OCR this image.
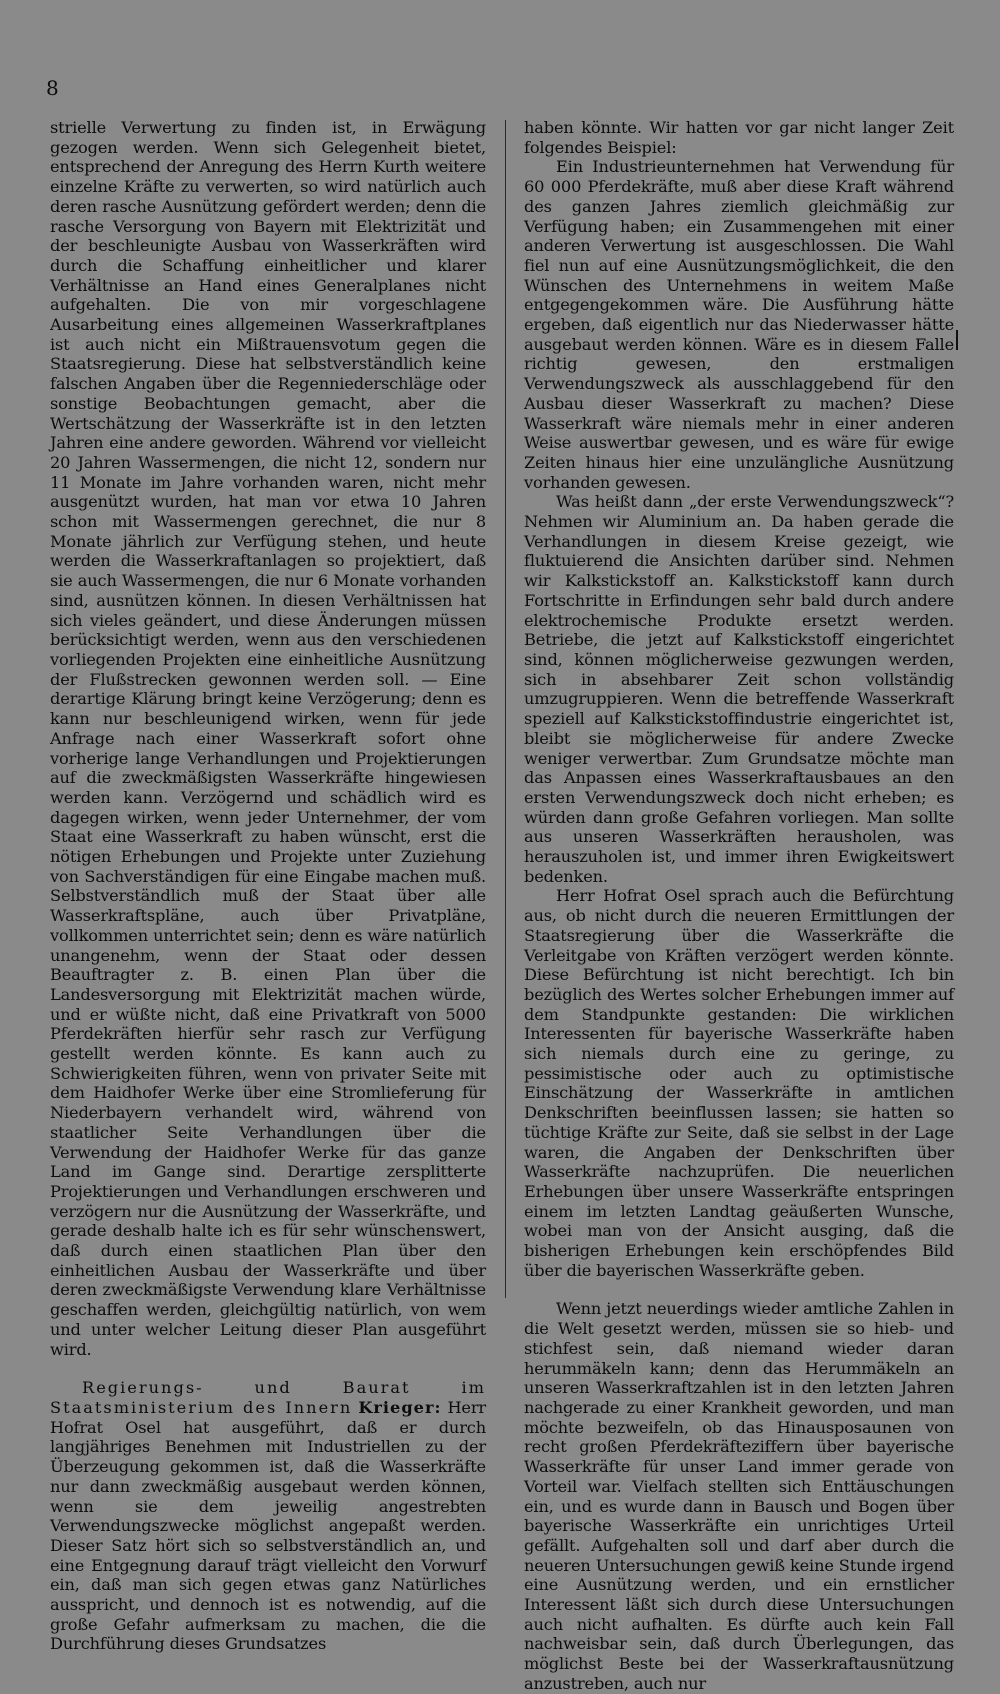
8

strielle Verwertung zu finden ist, in Erwägung gezogen werden. Wenn sich Gelegenheit bietet, entsprechend der Anregung des Herrn Kurth weitere einzelne Kräfte zu verwerten, so wird natürlich auch deren rasche Ausnützung gefördert werden; denn die rasche Versorgung von Bayern mit Elektrizität und der beschleunigte Ausbau von Wasserkräften wird durch die Schaffung einheitlicher und klarer Verhältnisse an Hand eines Generalplanes nicht aufgehalten. Die von mir vorgeschlagene Ausarbeitung eines allgemeinen Wasserkraftplanes ist auch nicht ein Mißtrauensvotum gegen die Staatsregierung. Diese hat selbstverständlich keine falschen Angaben über die Regenniederschläge oder sonstige Beobachtungen gemacht, aber die Wertschätzung der Wasserkräfte ist in den letzten Jahren eine andere geworden. Während vor vielleicht 20 Jahren Wassermengen, die nicht 12, sondern nur 11 Monate im Jahre vorhanden waren, nicht mehr ausgenützt wurden, hat man vor etwa 10 Jahren schon mit Wassermengen gerechnet, die nur 8 Monate jährlich zur Verfügung stehen, und heute werden die Wasserkraftanlagen so projektiert, daß sie auch Wassermengen, die nur 6 Monate vorhanden sind, ausnützen können. In diesen Verhältnissen hat sich vieles geändert, und diese Änderungen müssen berücksichtigt werden, wenn aus den verschiedenen vorliegenden Projekten eine einheitliche Ausnützung der Flußstrecken gewonnen werden soll. — Eine derartige Klärung bringt keine Verzögerung; denn es kann nur beschleunigend wirken, wenn für jede Anfrage nach einer Wasserkraft sofort ohne vorherige lange Verhandlungen und Projektierungen auf die zweckmäßigsten Wasserkräfte hingewiesen werden kann. Verzögernd und schädlich wird es dagegen wirken, wenn jeder Unternehmer, der vom Staat eine Wasserkraft zu haben wünscht, erst die nötigen Erhebungen und Projekte unter Zuziehung von Sachverständigen für eine Eingabe machen muß. Selbstverständlich muß der Staat über alle Wasserkraftspläne, auch über Privatpläne, vollkommen unterrichtet sein; denn es wäre natürlich unangenehm, wenn der Staat oder dessen Beauftragter z. B. einen Plan über die Landesversorgung mit Elektrizität machen würde, und er wüßte nicht, daß eine Privatkraft von 5000 Pferdekräften hierfür sehr rasch zur Verfügung gestellt werden könnte. Es kann auch zu Schwierigkeiten führen, wenn von privater Seite mit dem Haidhofer Werke über eine Stromlieferung für Niederbayern verhandelt wird, während von staatlicher Seite Verhandlungen über die Verwendung der Haidhofer Werke für das ganze Land im Gange sind. Derartige zersplitterte Projektierungen und Verhandlungen erschweren und verzögern nur die Ausnützung der Wasserkräfte, und gerade deshalb halte ich es für sehr wünschenswert, daß durch einen staatlichen Plan über den einheitlichen Ausbau der Wasserkräfte und über deren zweckmäßigste Verwendung klare Verhältnisse geschaffen werden, gleichgültig natürlich, von wem und unter welcher Leitung dieser Plan ausgeführt wird.

Regierungs- und Baurat im Staatsministerium des Innern Krieger: Herr Hofrat Osel hat ausgeführt, daß er durch langjähriges Benehmen mit Industriellen zu der Überzeugung gekommen ist, daß die Wasserkräfte nur dann zweckmäßig ausgebaut werden können, wenn sie dem jeweilig angestrebten Verwendungszwecke möglichst angepaßt werden. Dieser Satz hört sich so selbstverständlich an, und eine Entgegnung darauf trägt vielleicht den Vorwurf ein, daß man sich gegen etwas ganz Natürliches ausspricht, und dennoch ist es notwendig, auf die große Gefahr aufmerksam zu machen, die die Durchführung dieses Grundsatzes

haben könnte. Wir hatten vor gar nicht langer Zeit folgendes Beispiel:

Ein Industrieunternehmen hat Verwendung für 60 000 Pferdekräfte, muß aber diese Kraft während des ganzen Jahres ziemlich gleichmäßig zur Verfügung haben; ein Zusammengehen mit einer anderen Verwertung ist ausgeschlossen. Die Wahl fiel nun auf eine Ausnützungsmöglichkeit, die den Wünschen des Unternehmens in weitem Maße entgegengekommen wäre. Die Ausführung hätte ergeben, daß eigentlich nur das Niederwasser hätte ausgebaut werden können. Wäre es in diesem Falle richtig gewesen, den erstmaligen Verwendungszweck als ausschlaggebend für den Ausbau dieser Wasserkraft zu machen? Diese Wasserkraft wäre niemals mehr in einer anderen Weise auswertbar gewesen, und es wäre für ewige Zeiten hinaus hier eine unzulängliche Ausnützung vorhanden gewesen.

Was heißt dann „der erste Verwendungszweck“? Nehmen wir Aluminium an. Da haben gerade die Verhandlungen in diesem Kreise gezeigt, wie fluktuierend die Ansichten darüber sind. Nehmen wir Kalkstickstoff an. Kalkstickstoff kann durch Fortschritte in Erfindungen sehr bald durch andere elektrochemische Produkte ersetzt werden. Betriebe, die jetzt auf Kalkstickstoff eingerichtet sind, können möglicherweise gezwungen werden, sich in absehbarer Zeit schon vollständig umzugruppieren. Wenn die betreffende Wasserkraft speziell auf Kalkstickstoffindustrie eingerichtet ist, bleibt sie möglicherweise für andere Zwecke weniger verwertbar. Zum Grundsatze möchte man das Anpassen eines Wasserkraftausbaues an den ersten Verwendungszweck doch nicht erheben; es würden dann große Gefahren vorliegen. Man sollte aus unseren Wasserkräften herausholen, was herauszuholen ist, und immer ihren Ewigkeitswert bedenken.

Herr Hofrat Osel sprach auch die Befürchtung aus, ob nicht durch die neueren Ermittlungen der Staatsregierung über die Wasserkräfte die Verleitgabe von Kräften verzögert werden könnte. Diese Befürchtung ist nicht berechtigt. Ich bin bezüglich des Wertes solcher Erhebungen immer auf dem Standpunkte gestanden: Die wirklichen Interessenten für bayerische Wasserkräfte haben sich niemals durch eine zu geringe, zu pessimistische oder auch zu optimistische Einschätzung der Wasserkräfte in amtlichen Denkschriften beeinflussen lassen; sie hatten so tüchtige Kräfte zur Seite, daß sie selbst in der Lage waren, die Angaben der Denkschriften über Wasserkräfte nachzuprüfen. Die neuerlichen Erhebungen über unsere Wasserkräfte entspringen einem im letzten Landtag geäußerten Wunsche, wobei man von der Ansicht ausging, daß die bisherigen Erhebungen kein erschöpfendes Bild über die bayerischen Wasserkräfte geben.

Wenn jetzt neuerdings wieder amtliche Zahlen in die Welt gesetzt werden, müssen sie so hieb- und stichfest sein, daß niemand wieder daran herummäkeln kann; denn das Herummäkeln an unseren Wasserkraftzahlen ist in den letzten Jahren nachgerade zu einer Krankheit geworden, und man möchte bezweifeln, ob das Hinausposaunen von recht großen Pferdekräfteziffern über bayerische Wasserkräfte für unser Land immer gerade von Vorteil war. Vielfach stellten sich Enttäuschungen ein, und es wurde dann in Bausch und Bogen über bayerische Wasserkräfte ein unrichtiges Urteil gefällt. Aufgehalten soll und darf aber durch die neueren Untersuchungen gewiß keine Stunde irgend eine Ausnützung werden, und ein ernstlicher Interessent läßt sich durch diese Untersuchungen auch nicht aufhalten. Es dürfte auch kein Fall nachweisbar sein, daß durch Überlegungen, das möglichst Beste bei der Wasserkraftausnützung anzustreben, auch nur
